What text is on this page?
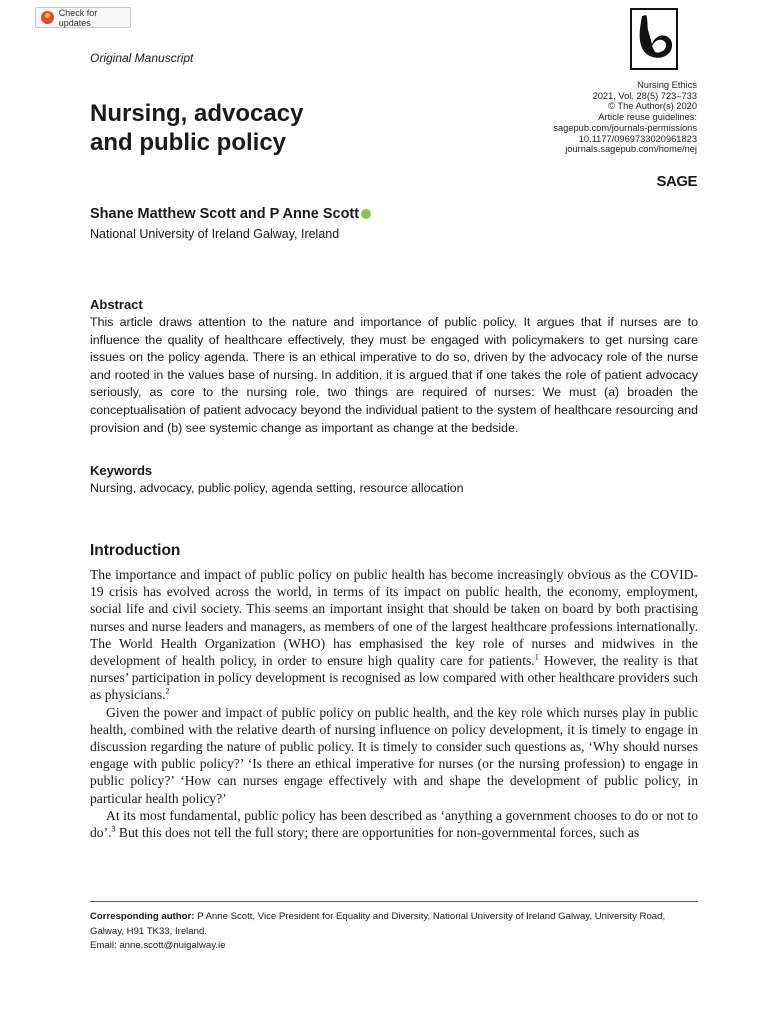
Check for updates
Nursing Ethics
2021, Vol. 28(5) 723–733
© The Author(s) 2020
Article reuse guidelines:
sagepub.com/journals-permissions
10.1177/0969733020961823
journals.sagepub.com/home/nej
SAGE
Original Manuscript
Nursing, advocacy
and public policy
Shane Matthew Scott and P Anne Scott
National University of Ireland Galway, Ireland
Abstract

This article draws attention to the nature and importance of public policy. It argues that if nurses are to influence the quality of healthcare effectively, they must be engaged with policymakers to get nursing care issues on the policy agenda. There is an ethical imperative to do so, driven by the advocacy role of the nurse and rooted in the values base of nursing. In addition, it is argued that if one takes the role of patient advocacy seriously, as core to the nursing role, two things are required of nurses: We must (a) broaden the conceptualisation of patient advocacy beyond the individual patient to the system of healthcare resourcing and provision and (b) see systemic change as important as change at the bedside.

Keywords
Nursing, advocacy, public policy, agenda setting, resource allocation
Introduction

The importance and impact of public policy on public health has become increasingly obvious as the COVID-19 crisis has evolved across the world, in terms of its impact on public health, the economy, employment, social life and civil society. This seems an important insight that should be taken on board by both practising nurses and nurse leaders and managers, as members of one of the largest healthcare professions internationally. The World Health Organization (WHO) has emphasised the key role of nurses and midwives in the development of health policy, in order to ensure high quality care for patients.$^1$ However, the reality is that nurses’ participation in policy development is recognised as low compared with other healthcare providers such as physicians.$^2$

Given the power and impact of public policy on public health, and the key role which nurses play in public health, combined with the relative dearth of nursing influence on policy development, it is timely to engage in discussion regarding the nature of public policy. It is timely to consider such questions as, ‘Why should nurses engage with public policy?’ ‘Is there an ethical imperative for nurses (or the nursing profession) to engage in public policy?’ ‘How can nurses engage effectively with and shape the development of public policy, in particular health policy?’

At its most fundamental, public policy has been described as ‘anything a government chooses to do or not to do’.$^3$ But this does not tell the full story; there are opportunities for non-governmental forces, such as

Corresponding author: P Anne Scott, Vice President for Equality and Diversity, National University of Ireland Galway, University Road, Galway, H91 TK33, Ireland.
Email: anne.scott@nuigalway.ie
